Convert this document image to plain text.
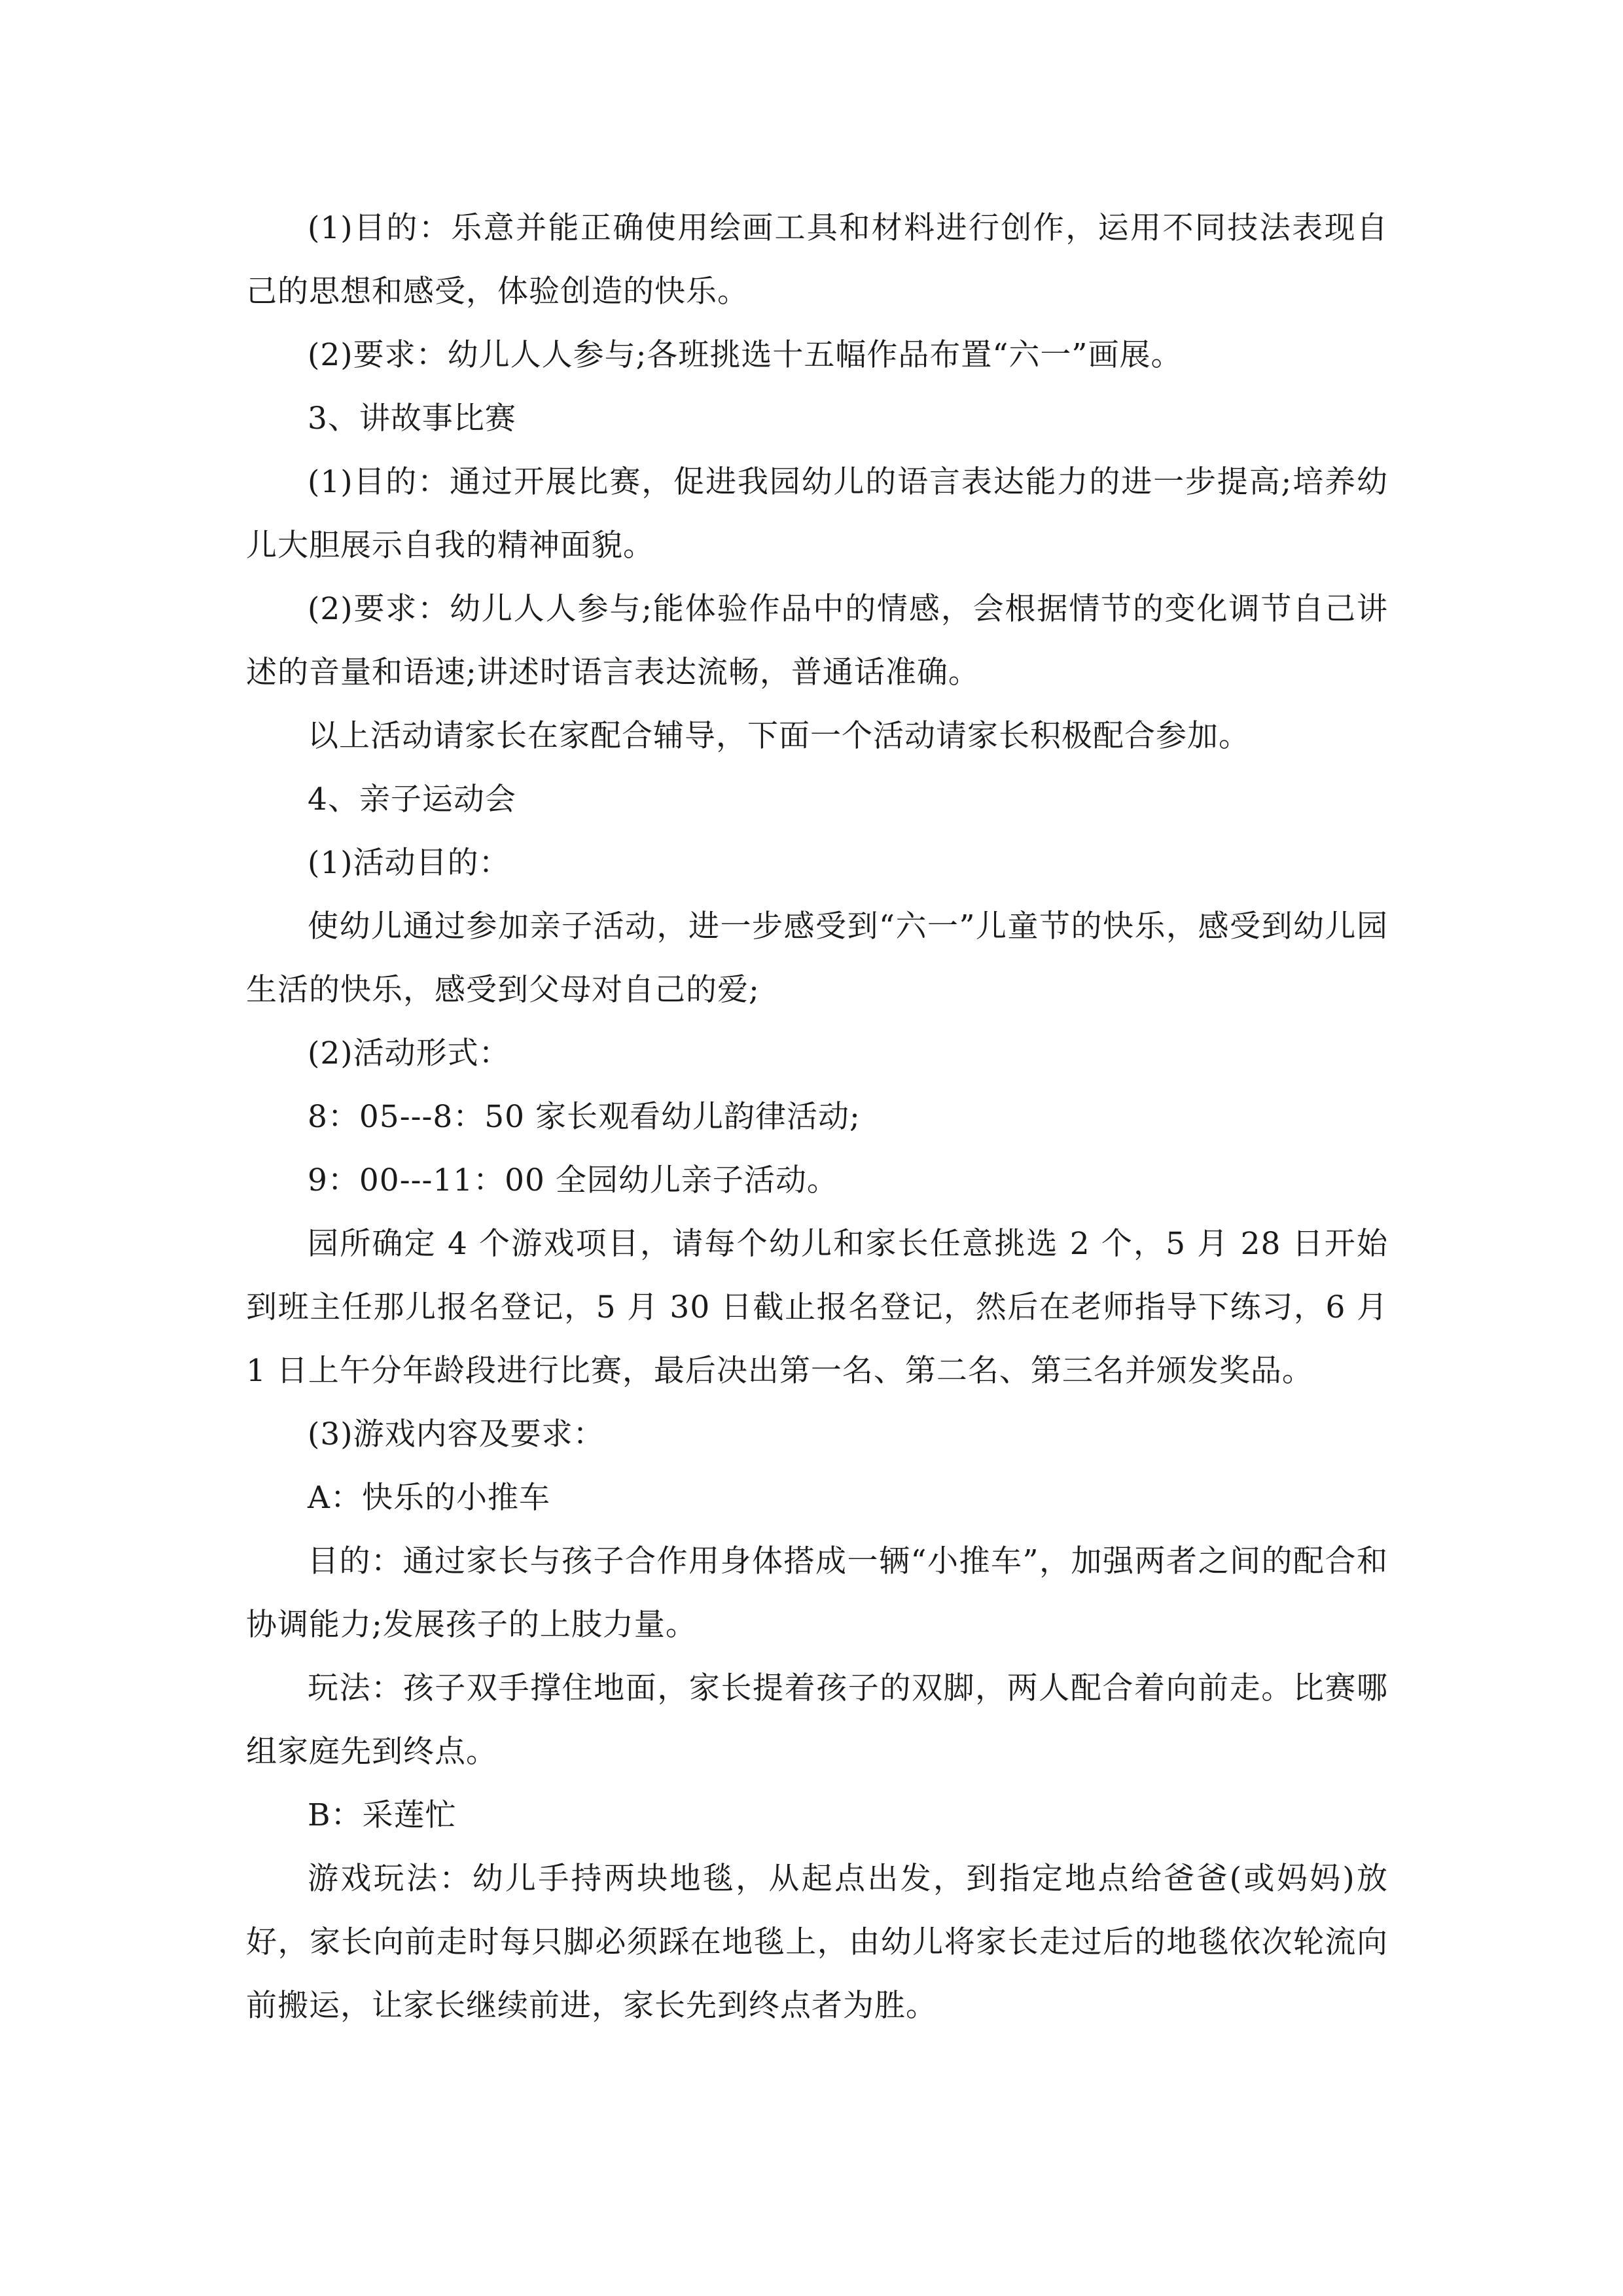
(1)目的：乐意并能正确使用绘画工具和材料进行创作，运用不同技法表现自己的思想和感受，体验创造的快乐。

(2)要求：幼儿人人参与;各班挑选十五幅作品布置“六一”画展。

3、讲故事比赛

(1)目的：通过开展比赛，促进我园幼儿的语言表达能力的进一步提高;培养幼儿大胆展示自我的精神面貌。

(2)要求：幼儿人人参与;能体验作品中的情感，会根据情节的变化调节自己讲述的音量和语速;讲述时语言表达流畅，普通话准确。

以上活动请家长在家配合辅导，下面一个活动请家长积极配合参加。

4、亲子运动会

(1)活动目的：

使幼儿通过参加亲子活动，进一步感受到“六一”儿童节的快乐，感受到幼儿园生活的快乐，感受到父母对自己的爱;

(2)活动形式：

8：05---8：50 家长观看幼儿韵律活动;

9：00---11：00 全园幼儿亲子活动。

园所确定 4 个游戏项目，请每个幼儿和家长任意挑选 2 个，5 月 28 日开始到班主任那儿报名登记，5 月 30 日截止报名登记，然后在老师指导下练习，6 月 1 日上午分年龄段进行比赛，最后决出第一名、第二名、第三名并颁发奖品。

(3)游戏内容及要求：

A：快乐的小推车

目的：通过家长与孩子合作用身体搭成一辆“小推车”，加强两者之间的配合和协调能力;发展孩子的上肢力量。

玩法：孩子双手撑住地面，家长提着孩子的双脚，两人配合着向前走。比赛哪组家庭先到终点。

B：采莲忙

游戏玩法：幼儿手持两块地毯，从起点出发，到指定地点给爸爸(或妈妈)放好，家长向前走时每只脚必须踩在地毯上，由幼儿将家长走过后的地毯依次轮流向前搬运，让家长继续前进，家长先到终点者为胜。
